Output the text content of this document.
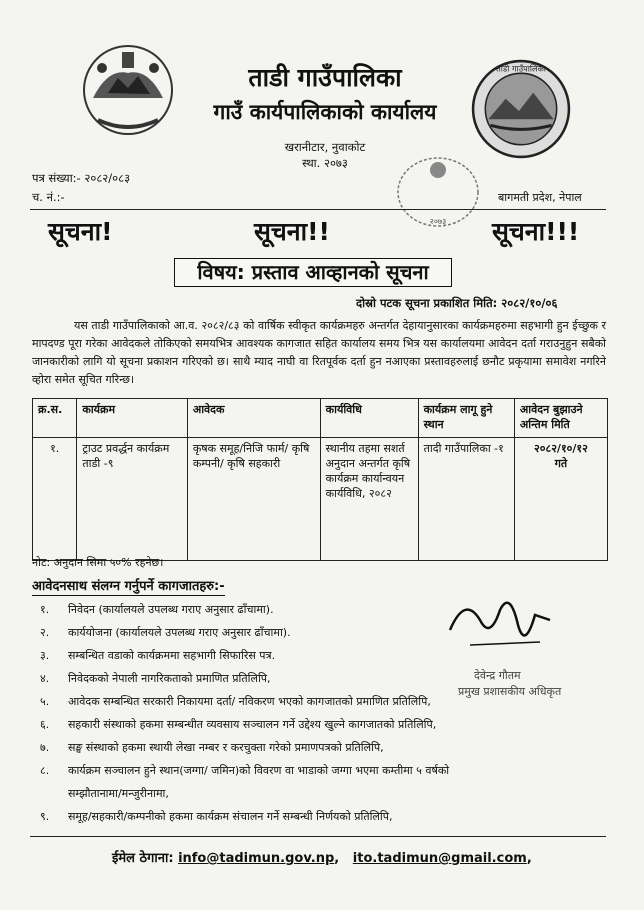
ताडी गाउँपालिका
२०७३
ताडी गाउँपालिका
गाउँ कार्यपालिकाको कार्यालय
खरानीटार, नुवाकोट
स्था. २०७३
पत्र संख्या:- २०८२/०८३
च. नं.:-	बागमती प्रदेश, नेपाल
सूचना!	सूचना!!	सूचना!!!
विषय: प्रस्ताव आव्हानको सूचना
दोस्रो पटक सूचना प्रकाशित मिति: २०८२/१०/०६
यस ताडी गाउँपालिकाको आ.व. २०८२/८३ को वार्षिक स्वीकृत कार्यक्रमहरु अन्तर्गत देहायानुसारका कार्यक्रमहरुमा सहभागी हुन ईच्छुक र मापदण्ड पूरा गरेका आवेदकले तोकिएको समयभित्र आवश्यक कागजात सहित कार्यालय समय भित्र यस कार्यालयमा आवेदन दर्ता गराउनुहुन सबैको जानकारीको लागि यो सूचना प्रकाशन गरिएको छ। साथै म्याद नाघी वा रितपूर्वक दर्ता हुन नआएका प्रस्तावहरुलाई छनौट प्रकृयामा समावेश नगरिने व्होरा समेत सूचित गरिन्छ।
क्र.स.	कार्यक्रम	आवेदक	कार्यविधि	कार्यक्रम लागू हुने स्थान	आवेदन बुझाउने अन्तिम मिति
१.	ट्राउट प्रवर्द्धन कार्यक्रम ताडी -९	कृषक समूह/निजि फार्म/ कृषि कम्पनी/ कृषि सहकारी	स्थानीय तहमा सशर्त अनुदान अन्तर्गत कृषि कार्यक्रम कार्यान्वयन कार्यविधि, २०८२	तादी गाउँपालिका -१	२०८२/१०/१२
गते
नोट: अनुदान सिमा ५०% रहनेछ।
आवेदनसाथ संलग्न गर्नुपर्ने कागजातहरु:-
१. निवेदन (कार्यालयले उपलब्ध गराए अनुसार ढाँचामा).
२. कार्ययोजना (कार्यालयले उपलब्ध गराए अनुसार ढाँचामा).
३. सम्बन्धित वडाको कार्यक्रममा सहभागी सिफारिस पत्र.
४. निवेदकको नेपाली नागरिकताको प्रमाणित प्रतिलिपि,
५. आवेदक सम्बन्धित सरकारी निकायमा दर्ता/ नविकरण भएको कागजातको प्रमाणित प्रतिलिपि,
६. सहकारी संस्थाको हकमा सम्बन्धीत व्यवसाय सञ्चालन गर्ने उद्देश्य खुल्ने कागजातको प्रतिलिपि,
७. सङ्घ संस्थाको हकमा स्थायी लेखा नम्बर र करचुक्ता गरेको प्रमाणपत्रको प्रतिलिपि,
८. कार्यक्रम सञ्चालन हुने स्थान(जग्गा/ जमिन)को विवरण वा भाडाको जग्गा भएमा कम्तीमा ५ वर्षको
सम्झौतानामा/मन्जुरीनामा,
९. समूह/सहकारी/कम्पनीको हकमा कार्यक्रम संचालन गर्ने सम्बन्धी निर्णयको प्रतिलिपि,
देवेन्द्र गौतम
प्रमुख प्रशासकीय अधिकृत
ईमेल ठेगाना: info@tadimun.gov.np, ito.tadimun@gmail.com,
